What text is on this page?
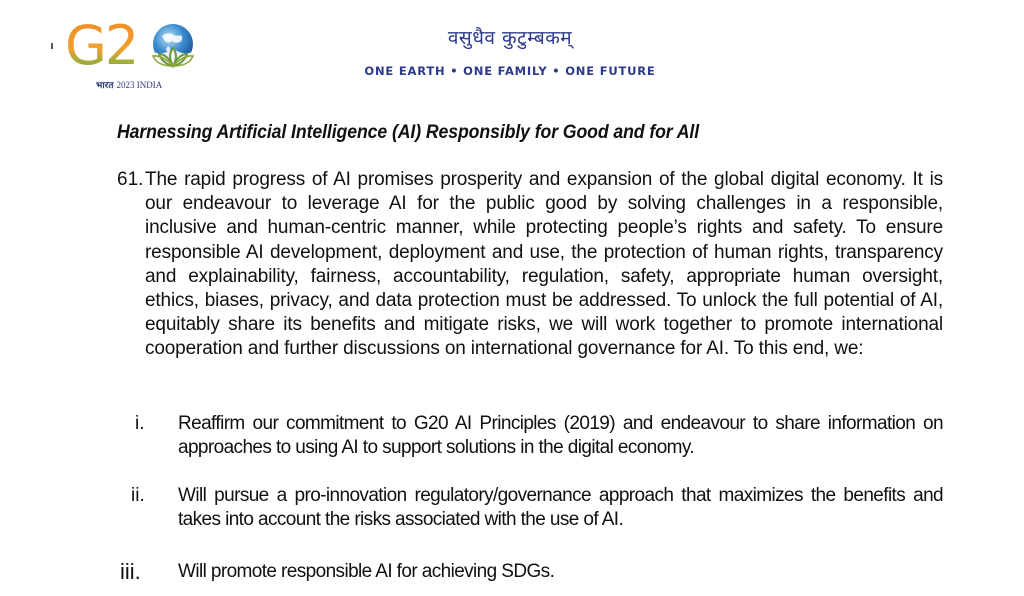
G2
भारत 2023 INDIA
वसुधैव कुटुम्बकम्
ONE EARTH • ONE FAMILY • ONE FUTURE
Harnessing Artificial Intelligence (AI) Responsibly for Good and for All
61. The rapid progress of AI promises prosperity and expansion of the global digital economy. It is our endeavour to leverage AI for the public good by solving challenges in a responsible, inclusive and human-centric manner, while protecting people’s rights and safety. To ensure responsible AI development, deployment and use, the protection of human rights, transparency and explainability, fairness, accountability, regulation, safety, appropriate human oversight, ethics, biases, privacy, and data protection must be addressed. To unlock the full potential of AI, equitably share its benefits and mitigate risks, we will work together to promote international cooperation and further discussions on international governance for AI. To this end, we:
i. Reaffirm our commitment to G20 AI Principles (2019) and endeavour to share information on approaches to using AI to support solutions in the digital economy.
ii. Will pursue a pro-innovation regulatory/governance approach that maximizes the benefits and takes into account the risks associated with the use of AI.
iii. Will promote responsible AI for achieving SDGs.
